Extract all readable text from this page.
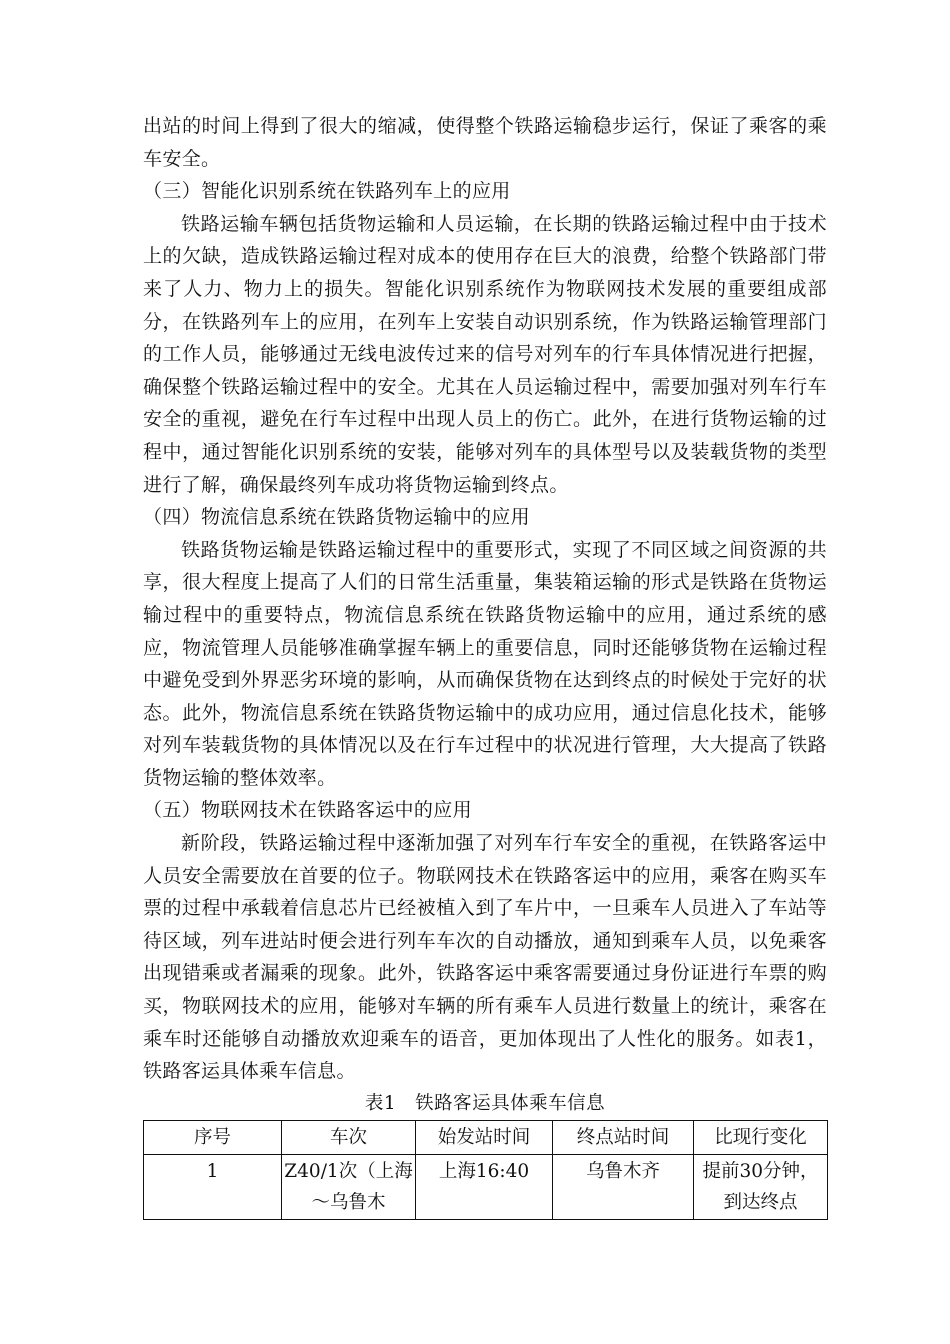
出站的时间上得到了很大的缩减，使得整个铁路运输稳步运行，保证了乘客的乘车安全。

（三）智能化识别系统在铁路列车上的应用

铁路运输车辆包括货物运输和人员运输，在长期的铁路运输过程中由于技术上的欠缺，造成铁路运输过程对成本的使用存在巨大的浪费，给整个铁路部门带来了人力、物力上的损失。智能化识别系统作为物联网技术发展的重要组成部分，在铁路列车上的应用，在列车上安装自动识别系统，作为铁路运输管理部门的工作人员，能够通过无线电波传过来的信号对列车的行车具体情况进行把握，确保整个铁路运输过程中的安全。尤其在人员运输过程中，需要加强对列车行车安全的重视，避免在行车过程中出现人员上的伤亡。此外，在进行货物运输的过程中，通过智能化识别系统的安装，能够对列车的具体型号以及装载货物的类型进行了解，确保最终列车成功将货物运输到终点。

（四）物流信息系统在铁路货物运输中的应用

铁路货物运输是铁路运输过程中的重要形式，实现了不同区域之间资源的共享，很大程度上提高了人们的日常生活重量，集装箱运输的形式是铁路在货物运输过程中的重要特点，物流信息系统在铁路货物运输中的应用，通过系统的感应，物流管理人员能够准确掌握车辆上的重要信息，同时还能够货物在运输过程中避免受到外界恶劣环境的影响，从而确保货物在达到终点的时候处于完好的状态。此外，物流信息系统在铁路货物运输中的成功应用，通过信息化技术，能够对列车装载货物的具体情况以及在行车过程中的状况进行管理，大大提高了铁路货物运输的整体效率。

（五）物联网技术在铁路客运中的应用

新阶段，铁路运输过程中逐渐加强了对列车行车安全的重视，在铁路客运中人员安全需要放在首要的位子。物联网技术在铁路客运中的应用，乘客在购买车票的过程中承载着信息芯片已经被植入到了车片中，一旦乘车人员进入了车站等待区域，列车进站时便会进行列车车次的自动播放，通知到乘车人员，以免乘客出现错乘或者漏乘的现象。此外，铁路客运中乘客需要通过身份证进行车票的购买，物联网技术的应用，能够对车辆的所有乘车人员进行数量上的统计，乘客在乘车时还能够自动播放欢迎乘车的语音，更加体现出了人性化的服务。如表1，铁路客运具体乘车信息。

表1　铁路客运具体乘车信息

序号	车次	始发站时间	终点站时间	比现行变化
1	Z40/1次（上海～乌鲁木	上海16:40	乌鲁木齐	提前30分钟，到达终点
